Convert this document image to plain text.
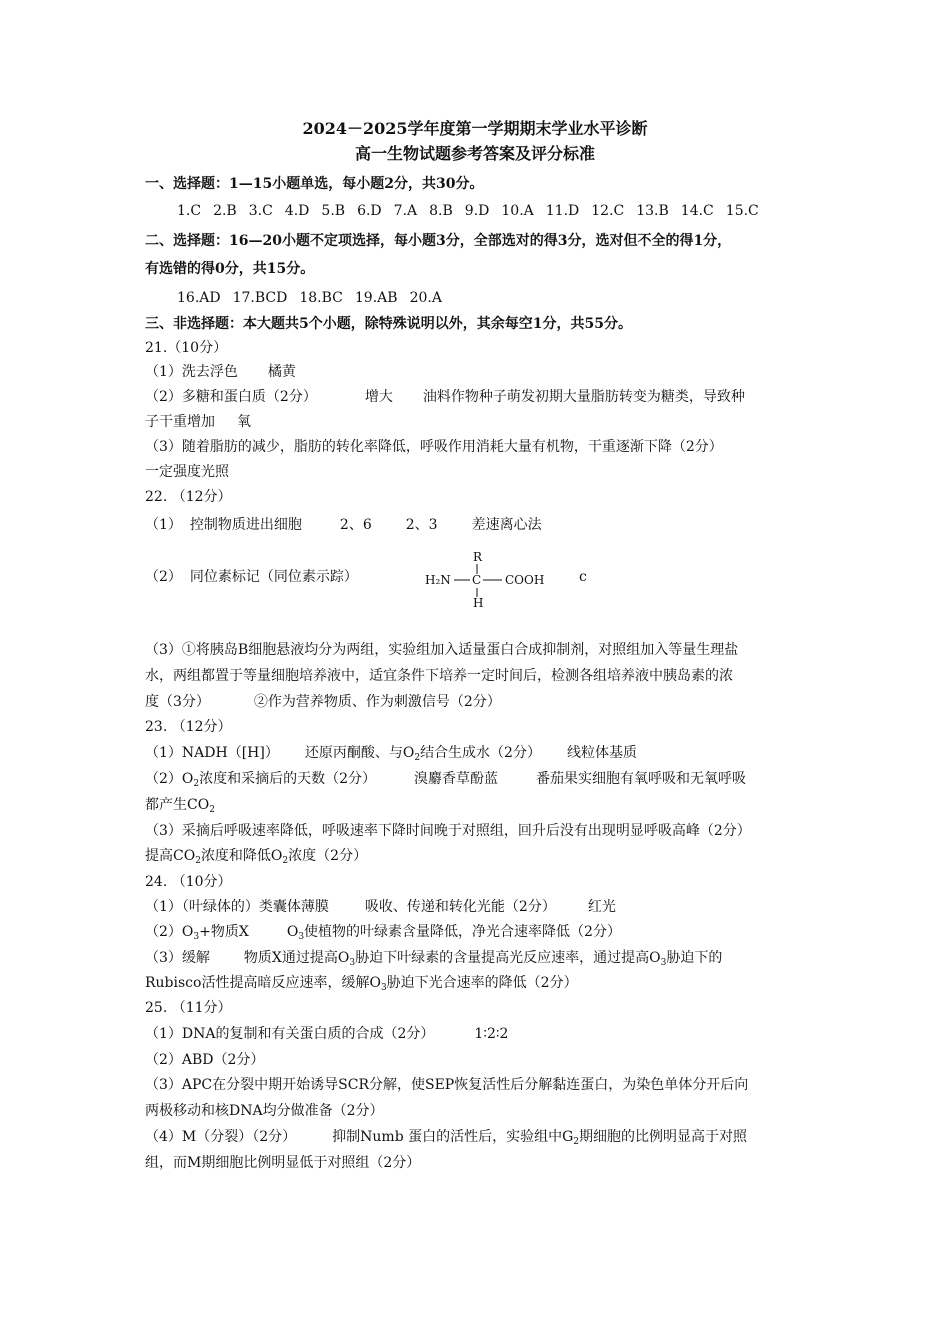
2024－2025学年度第一学期期末学业水平诊断
高一生物试题参考答案及评分标准
一、选择题：1—15小题单选，每小题2分，共30分。
1.C 2.B 3.C 4.D 5.B 6.D 7.A 8.B 9.D 10.A 11.D 12.C 13.B 14.C 15.C
二、选择题：16—20小题不定项选择，每小题3分，全部选对的得3分，选对但不全的得1分，
有选错的得0分，共15分。
16.AD 17.BCD 18.BC 19.AB 20.A
三、非选择题：本大题共5个小题，除特殊说明以外，其余每空1分，共55分。
21.（10分）
（1）洗去浮色 橘黄
（2）多糖和蛋白质（2分）	增大 油料作物种子萌发初期大量脂肪转变为糖类，导致种
子干重增加 氧
（3）随着脂肪的减少，脂肪的转化率降低，呼吸作用消耗大量有机物，干重逐渐下降（2分）
一定强度光照
22. （12分）
（1） 控制物质进出细胞	2、6 2、3 差速离心法
（2） 同位素标记（同位素示踪）	c
R
H₂N C COOH
H
（3）①将胰岛B细胞悬液均分为两组，实验组加入适量蛋白合成抑制剂，对照组加入等量生理盐
水，两组都置于等量细胞培养液中，适宜条件下培养一定时间后，检测各组培养液中胰岛素的浓
度（3分）	②作为营养物质、作为刺激信号（2分）
23. （12分）
（1）NADH（[H]） 还原丙酮酸、与$O_2$结合生成水（2分） 线粒体基质
$(2)O_2$浓度和采摘后的天数（2分）	溴麝香草酚蓝	番茄果实细胞有氧呼吸和无氧呼吸
都产生$CO_2$
（3）采摘后呼吸速率降低，呼吸速率下降时间晚于对照组，回升后没有出现明显呼吸高峰（2分）
提高$CO_2$浓度和降低$O_2$浓度（2分）
24. （10分）
（1）（叶绿体的）类囊体薄膜	吸收、传递和转化光能（2分） 红光
$(2)O_3+$物质X	$O_3$使植物的叶绿素含量降低，净光合速率降低（2分）
（3）缓解 物质X通过提高$O_3$胁迫下叶绿素的含量提高光反应速率，通过提高$O_3$胁迫下的
Rubisco活性提高暗反应速率，缓解$O_3$胁迫下光合速率的降低（2分）
25. （11分）
（1）DNA的复制和有关蛋白质的合成（2分）	1∶2∶2
（2）ABD（2分）
（3）APC在分裂中期开始诱导SCR分解，使SEP恢复活性后分解黏连蛋白，为染色单体分开后向
两极移动和核DNA均分做准备（2分）
（4）M（分裂）（2分）	抑制Numb 蛋白的活性后，实验组中$G_2$期细胞的比例明显高于对照
组，而M期细胞比例明显低于对照组（2分）
